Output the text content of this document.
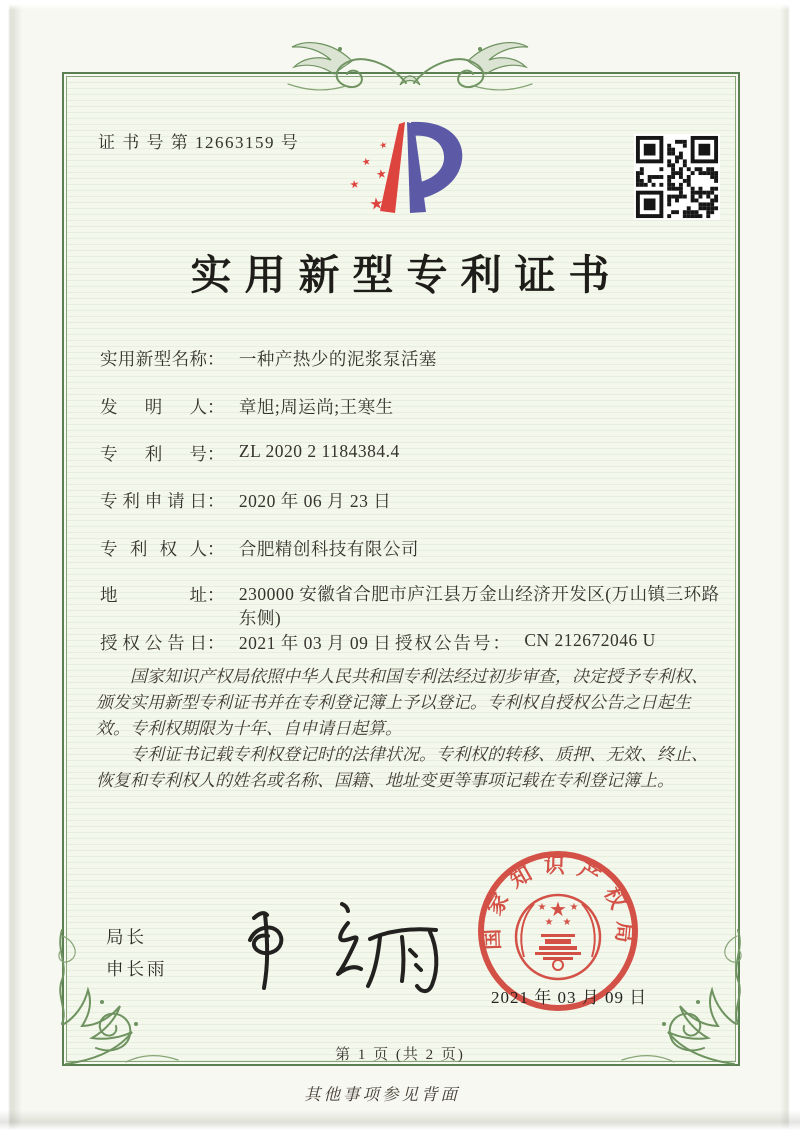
证 书 号 第 12663159 号	★
★
★
★
★
实用新型专利证书
实用新型名称： 一种产热少的泥浆泵活塞
发明人： 章旭;周运尚;王寒生
专利号： ZL 2020 2 1184384.4
专利申请日： 2020 年 06 月 23 日
专利权人： 合肥精创科技有限公司
地址： 230000 安徽省合肥市庐江县万金山经济开发区(万山镇三环路东侧)
授权公告日： 2021 年 03 月 09 日 授权公告号： CN 212672046 U

国家知识产权局依照中华人民共和国专利法经过初步审查，决定授予专利权、颁发实用新型专利证书并在专利登记簿上予以登记。专利权自授权公告之日起生效。专利权期限为十年、自申请日起算。

专利证书记载专利权登记时的法律状况。专利权的转移、质押、无效、终止、恢复和专利权人的姓名或名称、国籍、地址变更等事项记载在专利登记簿上。

局长
申长雨
国家知识产权局
★
★ ★
★ ★
2021 年 03 月 09 日
第 1 页 (共 2 页)
其他事项参见背面
